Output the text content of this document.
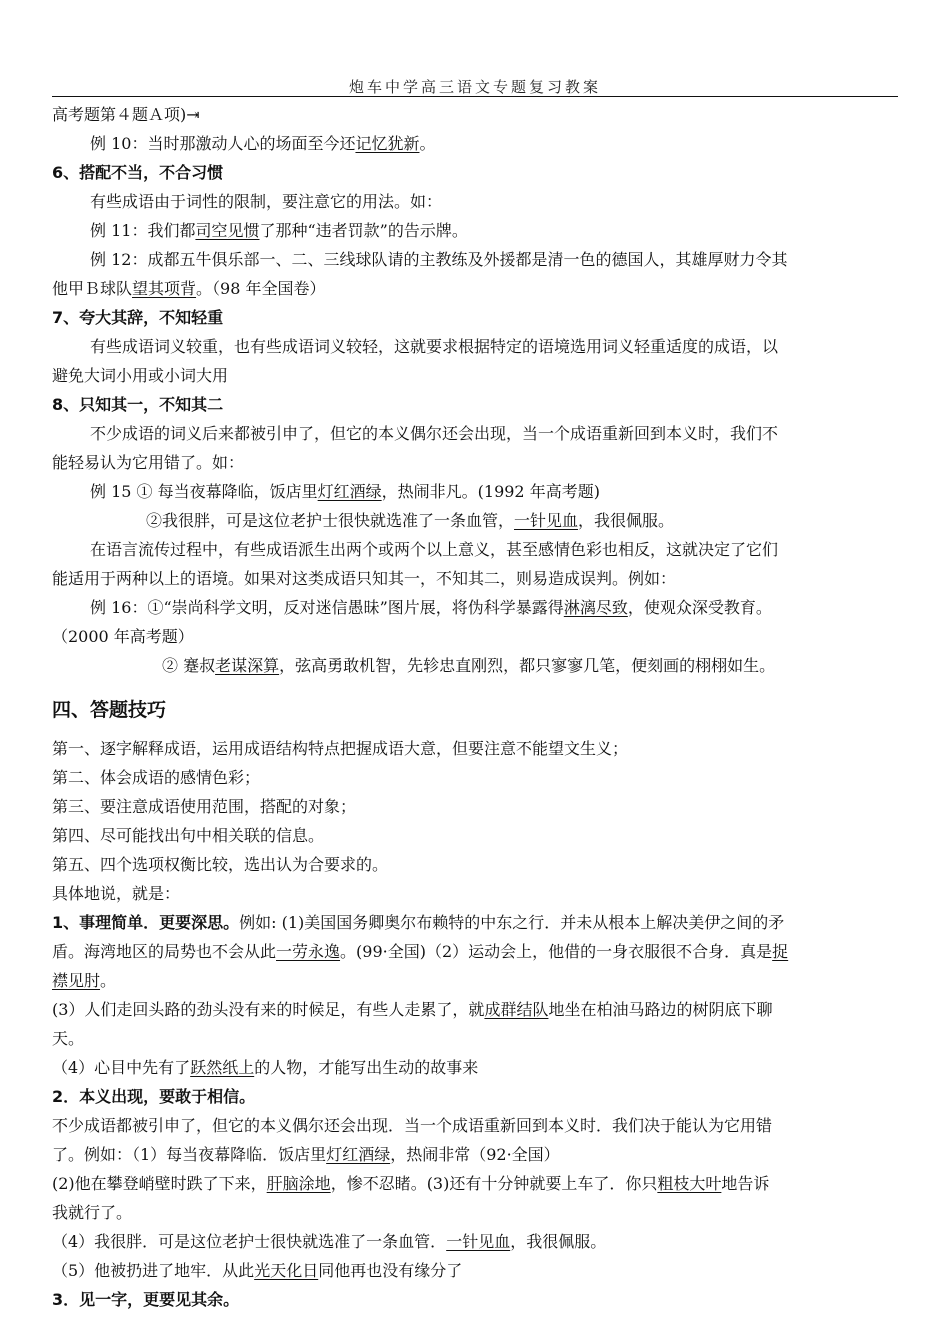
炮车中学高三语文专题复习教案
高考题第４题Ａ项)⇥
例 10：当时那激动人心的场面至今还记忆犹新。
6、搭配不当，不合习惯
有些成语由于词性的限制，要注意它的用法。如：
例 11：我们都司空见惯了那种“违者罚款”的告示牌。
例 12：成都五牛俱乐部一、二、三线球队请的主教练及外援都是清一色的德国人，其雄厚财力令其
他甲Ｂ球队望其项背。（98 年全国卷）
7、夸大其辞，不知轻重
有些成语词义较重，也有些成语词义较轻，这就要求根据特定的语境选用词义轻重适度的成语，以
避免大词小用或小词大用
8、只知其一，不知其二
不少成语的词义后来都被引申了，但它的本义偶尔还会出现，当一个成语重新回到本义时，我们不
能轻易认为它用错了。如：
例 15 ① 每当夜幕降临，饭店里灯红酒绿，热闹非凡。(1992 年高考题)
②我很胖，可是这位老护士很快就选准了一条血管，一针见血，我很佩服。
在语言流传过程中，有些成语派生出两个或两个以上意义，甚至感情色彩也相反，这就决定了它们
能适用于两种以上的语境。如果对这类成语只知其一，不知其二，则易造成误判。例如：
例 16：①“崇尚科学文明，反对迷信愚昧”图片展，将伪科学暴露得淋漓尽致，使观众深受教育。
（2000 年高考题）
② 蹇叔老谋深算，弦高勇敢机智，先轸忠直刚烈，都只寥寥几笔，便刻画的栩栩如生。
四、答题技巧
第一、逐字解释成语，运用成语结构特点把握成语大意，但要注意不能望文生义；
第二、体会成语的感情色彩；
第三、要注意成语使用范围，搭配的对象；
第四、尽可能找出句中相关联的信息。
第五、四个选项权衡比较，选出认为合要求的。
具体地说，就是：
1、事理简单．更要深思。例如: (1)美国国务卿奥尔布赖特的中东之行．并未从根本上解决美伊之间的矛
盾。海湾地区的局势也不会从此一劳永逸。(99·全国)（2）运动会上，他借的一身衣服很不合身．真是捉
襟见肘。
(3）人们走回头路的劲头没有来的时候足，有些人走累了，就成群结队地坐在柏油马路边的树阴底下聊
天。
（4）心目中先有了跃然纸上的人物，才能写出生动的故事来
2．本义出现，要敢于相信。
不少成语都被引申了，但它的本义偶尔还会出现．当一个成语重新回到本义时．我们决于能认为它用错
了。例如：（1）每当夜幕降临．饭店里灯红酒绿，热闹非常（92·全国）
(2)他在攀登峭壁时跌了下来，肝脑涂地，惨不忍睹。(3)还有十分钟就要上车了．你只粗枝大叶地告诉
我就行了。
（4）我很胖．可是这位老护士很快就选准了一条血管．一针见血，我很佩服。
（5）他被扔进了地牢．从此光天化日同他再也没有缘分了
3．见一字，更要见其余。
